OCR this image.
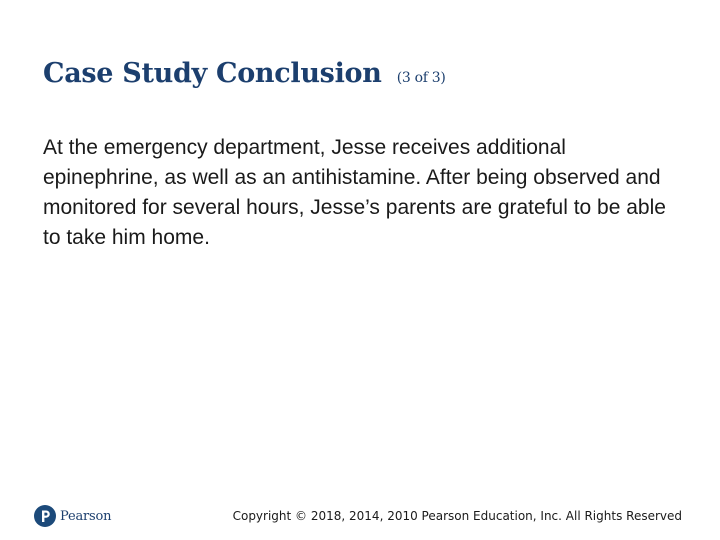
Case Study Conclusion (3 of 3)
At the emergency department, Jesse receives additional epinephrine, as well as an antihistamine. After being observed and monitored for several hours, Jesse’s parents are grateful to be able to take him home.
Pearson	Copyright © 2018, 2014, 2010 Pearson Education, Inc. All Rights Reserved
